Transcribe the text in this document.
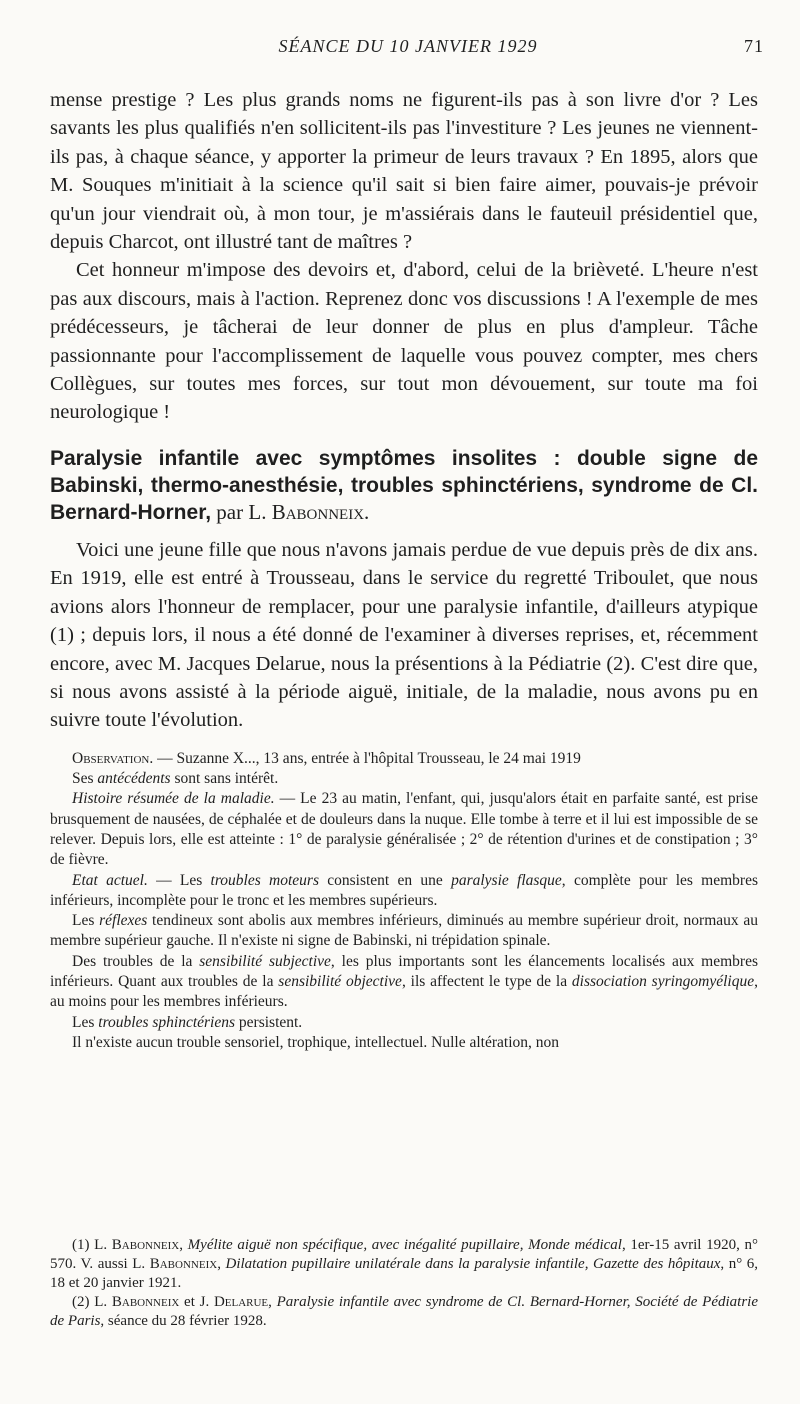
SÉANCE DU 10 JANVIER 1929	71

mense prestige ? Les plus grands noms ne figurent-ils pas à son livre d'or ? Les savants les plus qualifiés n'en sollicitent-ils pas l'investiture ? Les jeunes ne viennent-ils pas, à chaque séance, y apporter la primeur de leurs travaux ? En 1895, alors que M. Souques m'initiait à la science qu'il sait si bien faire aimer, pouvais-je prévoir qu'un jour viendrait où, à mon tour, je m'assiérais dans le fauteuil présidentiel que, depuis Charcot, ont illustré tant de maîtres ?

Cet honneur m'impose des devoirs et, d'abord, celui de la brièveté. L'heure n'est pas aux discours, mais à l'action. Reprenez donc vos discussions ! A l'exemple de mes prédécesseurs, je tâcherai de leur donner de plus en plus d'ampleur. Tâche passionnante pour l'accomplissement de laquelle vous pouvez compter, mes chers Collègues, sur toutes mes forces, sur tout mon dévouement, sur toute ma foi neurologique !

Paralysie infantile avec symptômes insolites : double signe de Babinski, thermo-anesthésie, troubles sphinctériens, syndrome de Cl. Bernard-Horner, par L. Babonneix.

Voici une jeune fille que nous n'avons jamais perdue de vue depuis près de dix ans. En 1919, elle est entré à Trousseau, dans le service du regretté Triboulet, que nous avions alors l'honneur de remplacer, pour une paralysie infantile, d'ailleurs atypique (1) ; depuis lors, il nous a été donné de l'examiner à diverses reprises, et, récemment encore, avec M. Jacques Delarue, nous la présentions à la Pédiatrie (2). C'est dire que, si nous avons assisté à la période aiguë, initiale, de la maladie, nous avons pu en suivre toute l'évolution.

Observation. — Suzanne X..., 13 ans, entrée à l'hôpital Trousseau, le 24 mai 1919

Ses antécédents sont sans intérêt.

Histoire résumée de la maladie. — Le 23 au matin, l'enfant, qui, jusqu'alors était en parfaite santé, est prise brusquement de nausées, de céphalée et de douleurs dans la nuque. Elle tombe à terre et il lui est impossible de se relever. Depuis lors, elle est atteinte : 1° de paralysie généralisée ; 2° de rétention d'urines et de constipation ; 3° de fièvre.

Etat actuel. — Les troubles moteurs consistent en une paralysie flasque, complète pour les membres inférieurs, incomplète pour le tronc et les membres supérieurs.

Les réflexes tendineux sont abolis aux membres inférieurs, diminués au membre supérieur droit, normaux au membre supérieur gauche. Il n'existe ni signe de Babinski, ni trépidation spinale.

Des troubles de la sensibilité subjective, les plus importants sont les élancements localisés aux membres inférieurs. Quant aux troubles de la sensibilité objective, ils affectent le type de la dissociation syringomyélique, au moins pour les membres inférieurs.

Les troubles sphinctériens persistent.

Il n'existe aucun trouble sensoriel, trophique, intellectuel. Nulle altération, non

(1) L. Babonneix, Myélite aiguë non spécifique, avec inégalité pupillaire, Monde médical, 1er-15 avril 1920, n° 570. V. aussi L. Babonneix, Dilatation pupillaire unilatérale dans la paralysie infantile, Gazette des hôpitaux, n° 6, 18 et 20 janvier 1921.

(2) L. Babonneix et J. Delarue, Paralysie infantile avec syndrome de Cl. Bernard-Horner, Société de Pédiatrie de Paris, séance du 28 février 1928.
